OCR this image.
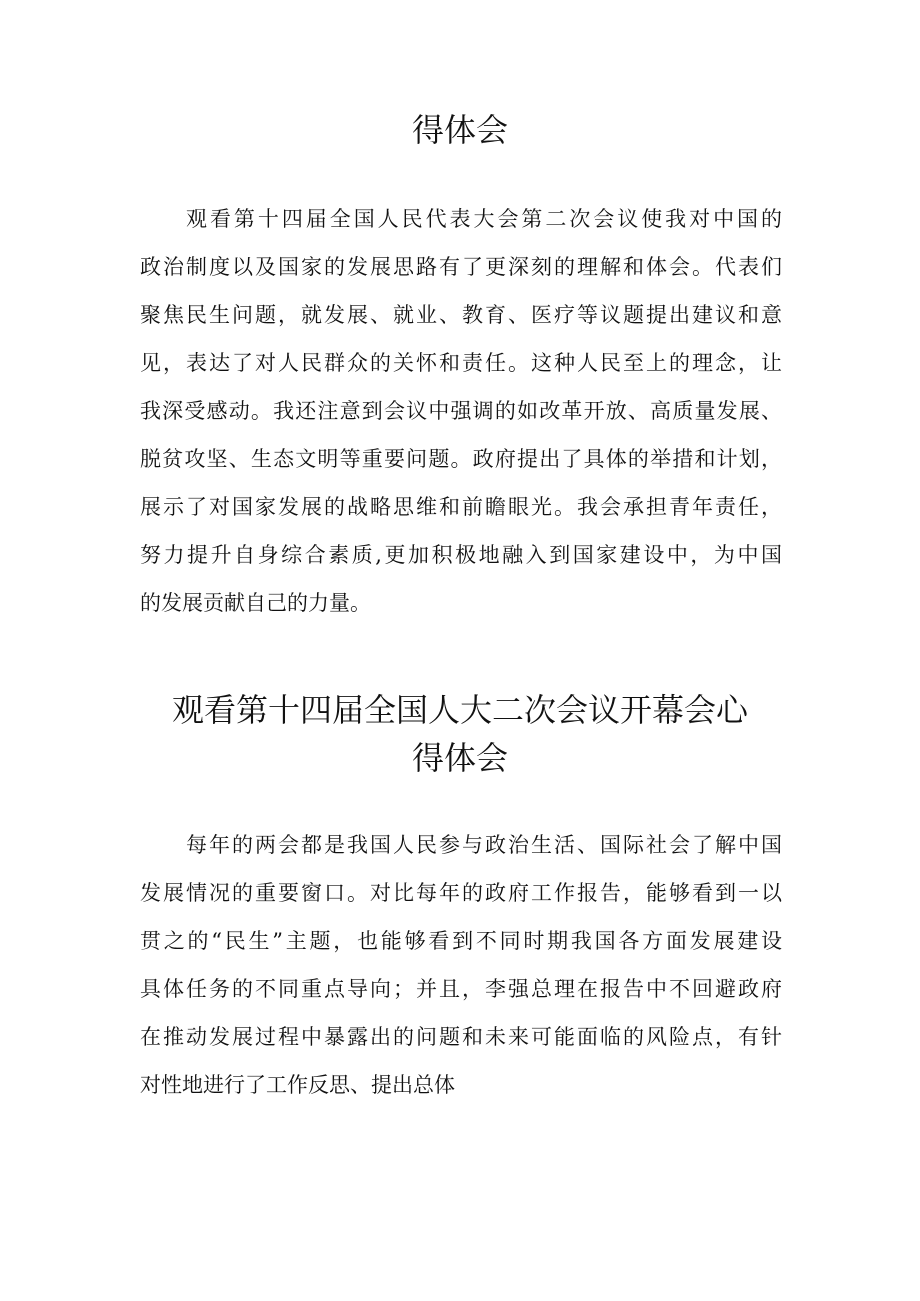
得体会
观看第十四届全国人民代表大会第二次会议使我对中国的
政治制度以及国家的发展思路有了更深刻的理解和体会。代表们
聚焦民生问题，就发展、就业、教育、医疗等议题提出建议和意
见，表达了对人民群众的关怀和责任。这种人民至上的理念，让
我深受感动。我还注意到会议中强调的如改革开放、高质量发展、
脱贫攻坚、生态文明等重要问题。政府提出了具体的举措和计划，
展示了对国家发展的战略思维和前瞻眼光。我会承担青年责任，
努力提升自身综合素质,更加积极地融入到国家建设中，为中国
的发展贡献自己的力量。
观看第十四届全国人大二次会议开幕会心
得体会
每年的两会都是我国人民参与政治生活、国际社会了解中国
发展情况的重要窗口。对比每年的政府工作报告，能够看到一以
贯之的“民生”主题，也能够看到不同时期我国各方面发展建设
具体任务的不同重点导向；并且，李强总理在报告中不回避政府
在推动发展过程中暴露出的问题和未来可能面临的风险点，有针
对性地进行了工作反思、提出总体
